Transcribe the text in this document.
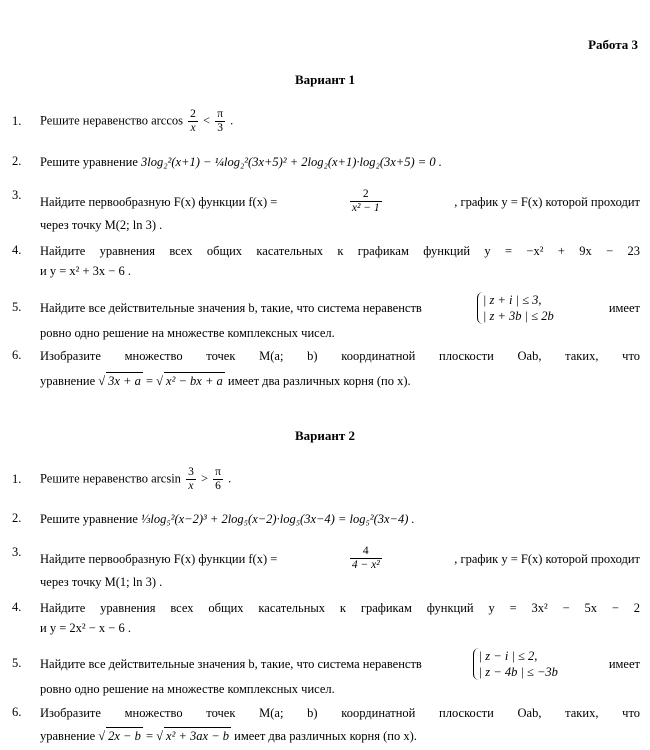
Работа 3
Вариант 1
1. Решите неравенство $\arccos \frac{2}{x} < \frac{\pi}{3}$ .
2. Решите уравнение 3log₂²(x+1) − ¼log₂²(3x+5)² + 2log₂(x+1)·log₂(3x+5) = 0 .
3. Найдите первообразную F(x) функции f(x) =	$\frac{2}{\text{x² − 1}}$	, график y = F(x) которой проходит
через точку M(2; ln 3) .
4. Найдите уравнения всех общих касательных к графикам функций y = −x² + 9x − 23
и y = x² + 3x − 6 .
5. Найдите все действительные значения b, такие, что система неравенств
| z + i | ≤ 3,
| z + 3b | ≤ 2b
имеет
ровно одно решение на множестве комплексных чисел.
6. Изобразите множество точек M(a; b) координатной плоскости Oab, таких, что
уравнение √ 3x + a = √ x² − bx + a имеет два различных корня (по x).
Вариант 2
1. Решите неравенство $\arcsin \frac{3}{x} > \frac{\pi}{6}$ .
2. Решите уравнение ⅓log₅²(x−2)³ + 2log₅(x−2)·log₅(3x−4) = log₅²(3x−4) .
3. Найдите первообразную F(x) функции f(x) =	$\frac{4}{\text{4 − x²}}$	, график y = F(x) которой проходит
через точку M(1; ln 3) .
4. Найдите уравнения всех общих касательных к графикам функций y = 3x² − 5x − 2
и y = 2x² − x − 6 .
5. Найдите все действительные значения b, такие, что система неравенств
| z − i | ≤ 2,
| z − 4b | ≤ −3b
имеет
ровно одно решение на множестве комплексных чисел.
6. Изобразите множество точек M(a; b) координатной плоскости Oab, таких, что
уравнение √ 2x − b = √ x² + 3ax − b имеет два различных корня (по x).
